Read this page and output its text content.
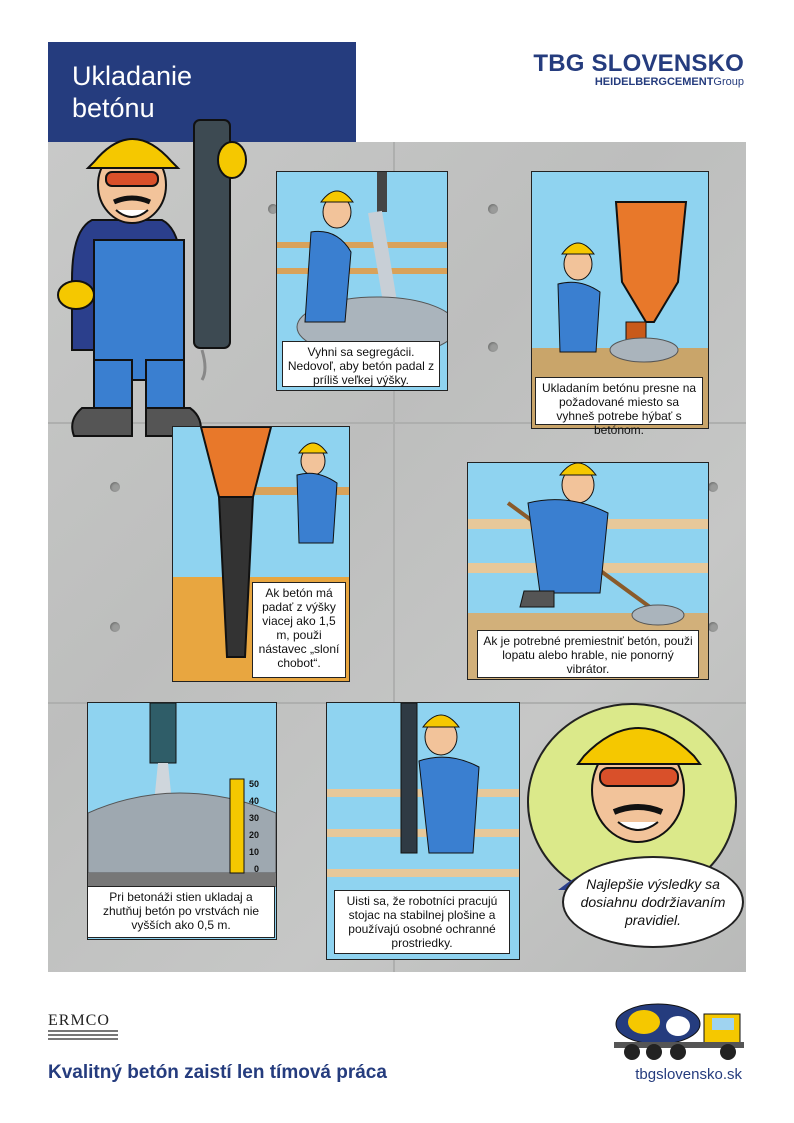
Ukladanie
betónu
TBG SLOVENSKO
HEIDELBERGCEMENTGroup
Vyhni sa segregácii. Nedovoľ, aby betón padal z príliš veľkej výšky.
Ukladaním betónu presne na požadované miesto sa vyhneš potrebe hýbať s betónom.
Ak betón má padať z výšky viacej ako 1,5 m, použi nástavec „sloní chobot“.
Ak je potrebné premiestniť betón, použi lopatu alebo hrable, nie ponorný vibrátor.
50
40
30
20
10
0
Pri betonáži stien ukladaj a zhutňuj betón po vrstvách nie vyšších ako 0,5 m.
Uisti sa, že robotníci pracujú stojac na stabilnej plošine a používajú osobné ochranné prostriedky.
Najlepšie výsledky sa dosiahnu dodržiavaním pravidiel.
ERMCO
Kvalitný betón zaistí len tímová práca	tbgslovensko.sk
